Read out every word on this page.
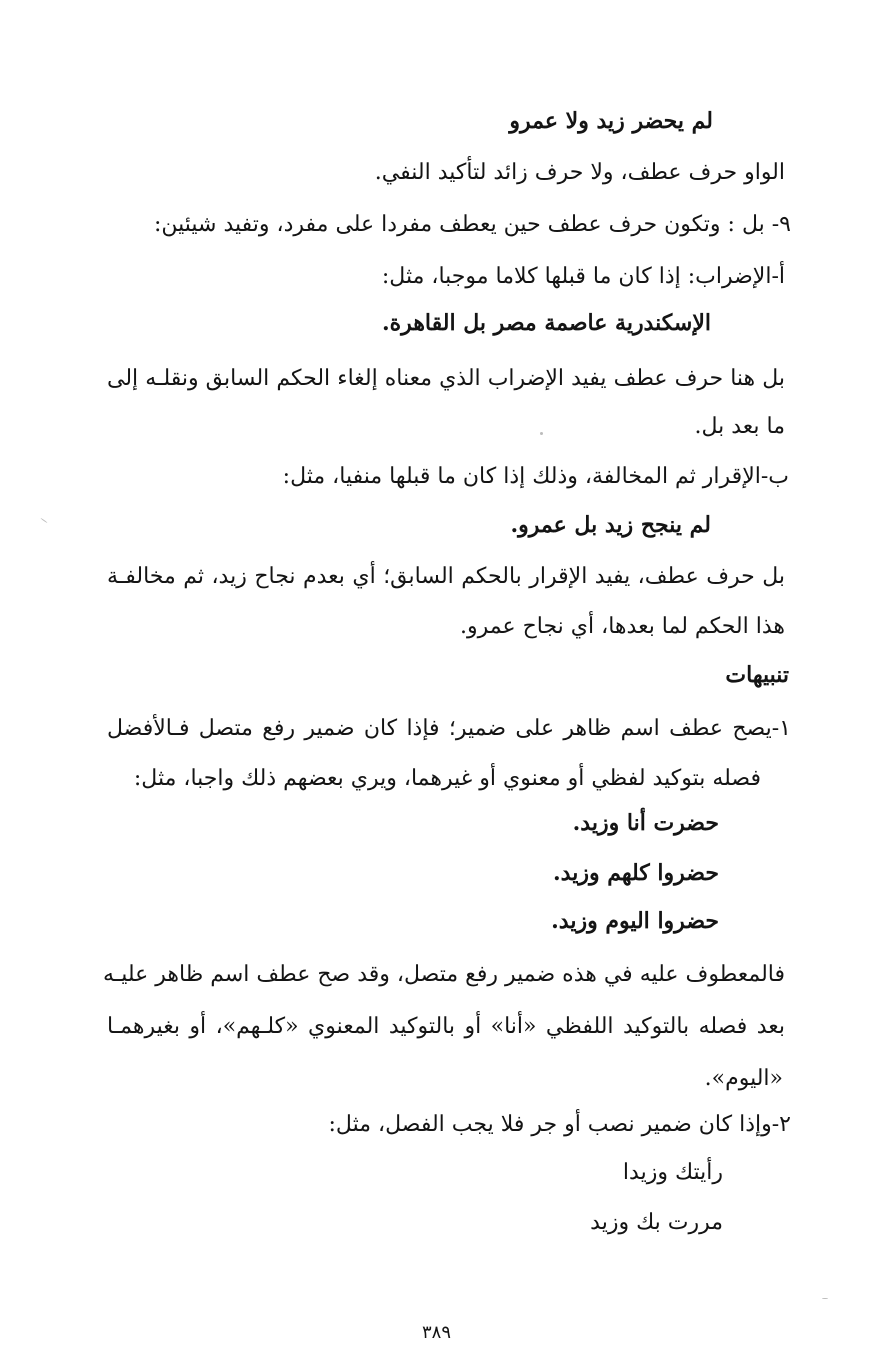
لم يحضر زيد ولا عمرو
الواو حرف عطف، ولا حرف زائد لتأكيد النفي.
٩- بل : وتكون حرف عطف حين يعطف مفردا على مفرد، وتفيد شيئين:
أ-الإضراب: إذا كان ما قبلها كلاما موجبا، مثل:
الإسكندرية عاصمة مصر بل القاهرة.
بل هنا حرف عطف يفيد الإضراب الذي معناه إلغاء الحكم السابق ونقلـه إلى
ما بعد بل.
ب-الإقرار ثم المخالفة، وذلك إذا كان ما قبلها منفيا، مثل:
لم ينجح زيد بل عمرو.
بل حرف عطف، يفيد الإقرار بالحكم السابق؛ أي بعدم نجاح زيد، ثم مخالفـة
هذا الحكم لما بعدها، أي نجاح عمرو.
تنبيهات
١-يصح عطف اسم ظاهر على ضمير؛ فإذا كان ضمير رفع متصل فـالأفضل
فصله بتوكيد لفظي أو معنوي أو غيرهما، ويري بعضهم ذلك واجبا، مثل:
حضرت أنا وزيد.
حضروا كلهم وزيد.
حضروا اليوم وزيد.
فالمعطوف عليه في هذه ضمير رفع متصل، وقد صح عطف اسم ظاهر عليـه
بعد فصله بالتوكيد اللفظي «أنا» أو بالتوكيد المعنوي «كلـهم»، أو بغيرهمـا
«اليوم».
٢-وإذا كان ضمير نصب أو جر فلا يجب الفصل، مثل:
رأيتك وزيدا
مررت بك وزيد
٣٨٩
